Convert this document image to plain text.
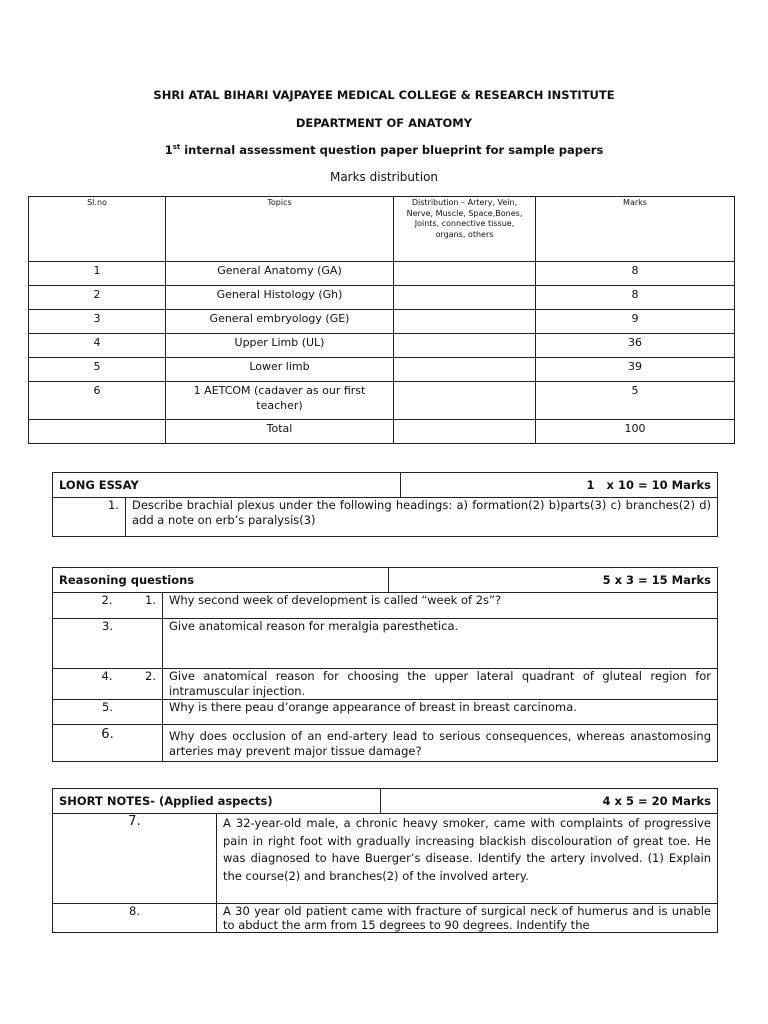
SHRI ATAL BIHARI VAJPAYEE MEDICAL COLLEGE & RESEARCH INSTITUTE
DEPARTMENT OF ANATOMY
1st internal assessment question paper blueprint for sample papers
Marks distribution
Sl.no	Topics	Distribution – Artery, Vein, Nerve, Muscle, Space,Bones, Joints, connective tissue, organs, others	Marks
1	General Anatomy (GA)		8
2	General Histology (Gh)		8
3	General embryology (GE)		9
4	Upper Limb (UL)		36
5	Lower limb		39
6	1 AETCOM (cadaver as our first teacher)		5
	Total		100
LONG ESSAY		1   x 10 = 10 Marks
1.	Describe brachial plexus under the following headings: a) formation(2) b)parts(3) c) branches(2) d) add a note on erb’s paralysis(3)	
Reasoning questions			5 x 3 = 15 Marks
2.	1.	Why second week of development is called “week of 2s”?	
3.		Give anatomical reason for meralgia paresthetica.	
4.	2.	Give anatomical reason for choosing the upper lateral quadrant of gluteal region for intramuscular injection.	
5.		Why is there peau d’orange appearance of breast in breast carcinoma.	
6.		Why does occlusion of an end-artery lead to serious consequences, whereas anastomosing arteries may prevent major tissue damage?	
SHORT NOTES- (Applied aspects)		4 x 5 = 20 Marks
7.	A 32-year-old male, a chronic heavy smoker, came with complaints of progressive pain in right foot with gradually increasing blackish discolouration of great toe. He was diagnosed to have Buerger’s disease. Identify the artery involved. (1) Explain the course(2) and branches(2) of the involved artery.	
8.	A 30 year old patient came with fracture of surgical neck of humerus and is unable to abduct the arm from 15 degrees to 90 degrees. Indentify the	
